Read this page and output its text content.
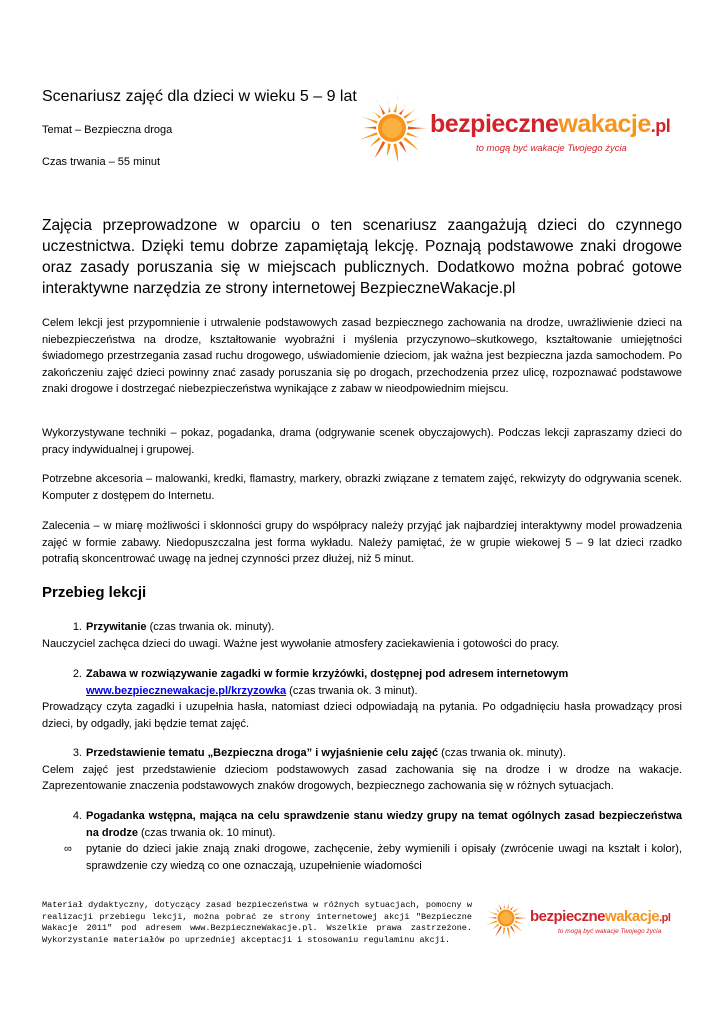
Scenariusz zajęć dla dzieci w wieku 5 – 9 lat
Temat – Bezpieczna droga
Czas trwania – 55 minut
bezpiecznewakacje.pl
to mogą być wakacje Twojego życia
Zajęcia przeprowadzone w oparciu o ten scenariusz zaangażują dzieci do czynnego uczestnictwa. Dzięki temu dobrze zapamiętają lekcję. Poznają podstawowe znaki drogowe oraz zasady poruszania się w miejscach publicznych. Dodatkowo można pobrać gotowe interaktywne narzędzia ze strony internetowej BezpieczneWakacje.pl
Celem lekcji jest przypomnienie i utrwalenie podstawowych zasad bezpiecznego zachowania na drodze, uwrażliwienie dzieci na niebezpieczeństwa na drodze, kształtowanie wyobraźni i myślenia przyczynowo–skutkowego, kształtowanie umiejętności świadomego przestrzegania zasad ruchu drogowego, uświadomienie dzieciom, jak ważna jest bezpieczna jazda samochodem. Po zakończeniu zajęć dzieci powinny znać zasady poruszania się po drogach, przechodzenia przez ulicę, rozpoznawać podstawowe znaki drogowe i dostrzegać niebezpieczeństwa wynikające z zabaw w nieodpowiednim miejscu.
Wykorzystywane techniki – pokaz, pogadanka, drama (odgrywanie scenek obyczajowych). Podczas lekcji zapraszamy dzieci do pracy indywidualnej i grupowej.
Potrzebne akcesoria – malowanki, kredki, flamastry, markery, obrazki związane z tematem zajęć, rekwizyty do odgrywania scenek. Komputer z dostępem do Internetu.
Zalecenia – w miarę możliwości i skłonności grupy do współpracy należy przyjąć jak najbardziej interaktywny model prowadzenia zajęć w formie zabawy. Niedopuszczalna jest forma wykładu. Należy pamiętać, że w grupie wiekowej 5 – 9 lat dzieci rzadko potrafią skoncentrować uwagę na jednej czynności przez dłużej, niż 5 minut.
Przebieg lekcji
1. Przywitanie (czas trwania ok. minuty).
Nauczyciel zachęca dzieci do uwagi. Ważne jest wywołanie atmosfery zaciekawienia i gotowości do pracy.
2. Zabawa w rozwiązywanie zagadki w formie krzyżówki, dostępnej pod adresem internetowym
www.bezpiecznewakacje.pl/krzyzowka (czas trwania ok. 3 minut).
Prowadzący czyta zagadki i uzupełnia hasła, natomiast dzieci odpowiadają na pytania. Po odgadnięciu hasła prowadzący prosi dzieci, by odgadły, jaki będzie temat zajęć.
3. Przedstawienie tematu „Bezpieczna droga” i wyjaśnienie celu zajęć (czas trwania ok. minuty).
Celem zajęć jest przedstawienie dzieciom podstawowych zasad zachowania się na drodze i w drodze na wakacje. Zaprezentowanie znaczenia podstawowych znaków drogowych, bezpiecznego zachowania się w różnych sytuacjach.
4. Pogadanka wstępna, mająca na celu sprawdzenie stanu wiedzy grupy na temat ogólnych zasad bezpieczeństwa na drodze (czas trwania ok. 10 minut).
∞ pytanie do dzieci jakie znają znaki drogowe, zachęcenie, żeby wymienili i opisały (zwrócenie uwagi na kształt i kolor), sprawdzenie czy wiedzą co one oznaczają, uzupełnienie wiadomości
Materiał dydaktyczny, dotyczący zasad bezpieczeństwa w różnych sytuacjach, pomocny w realizacji przebiegu lekcji, można pobrać ze strony internetowej akcji "Bezpieczne Wakacje 2011" pod adresem www.BezpieczneWakacje.pl. Wszelkie prawa zastrzeżone. Wykorzystanie materiałów po uprzedniej akceptacji i stosowaniu regulaminu akcji.
bezpiecznewakacje.pl
to mogą być wakacje Twojego życia
